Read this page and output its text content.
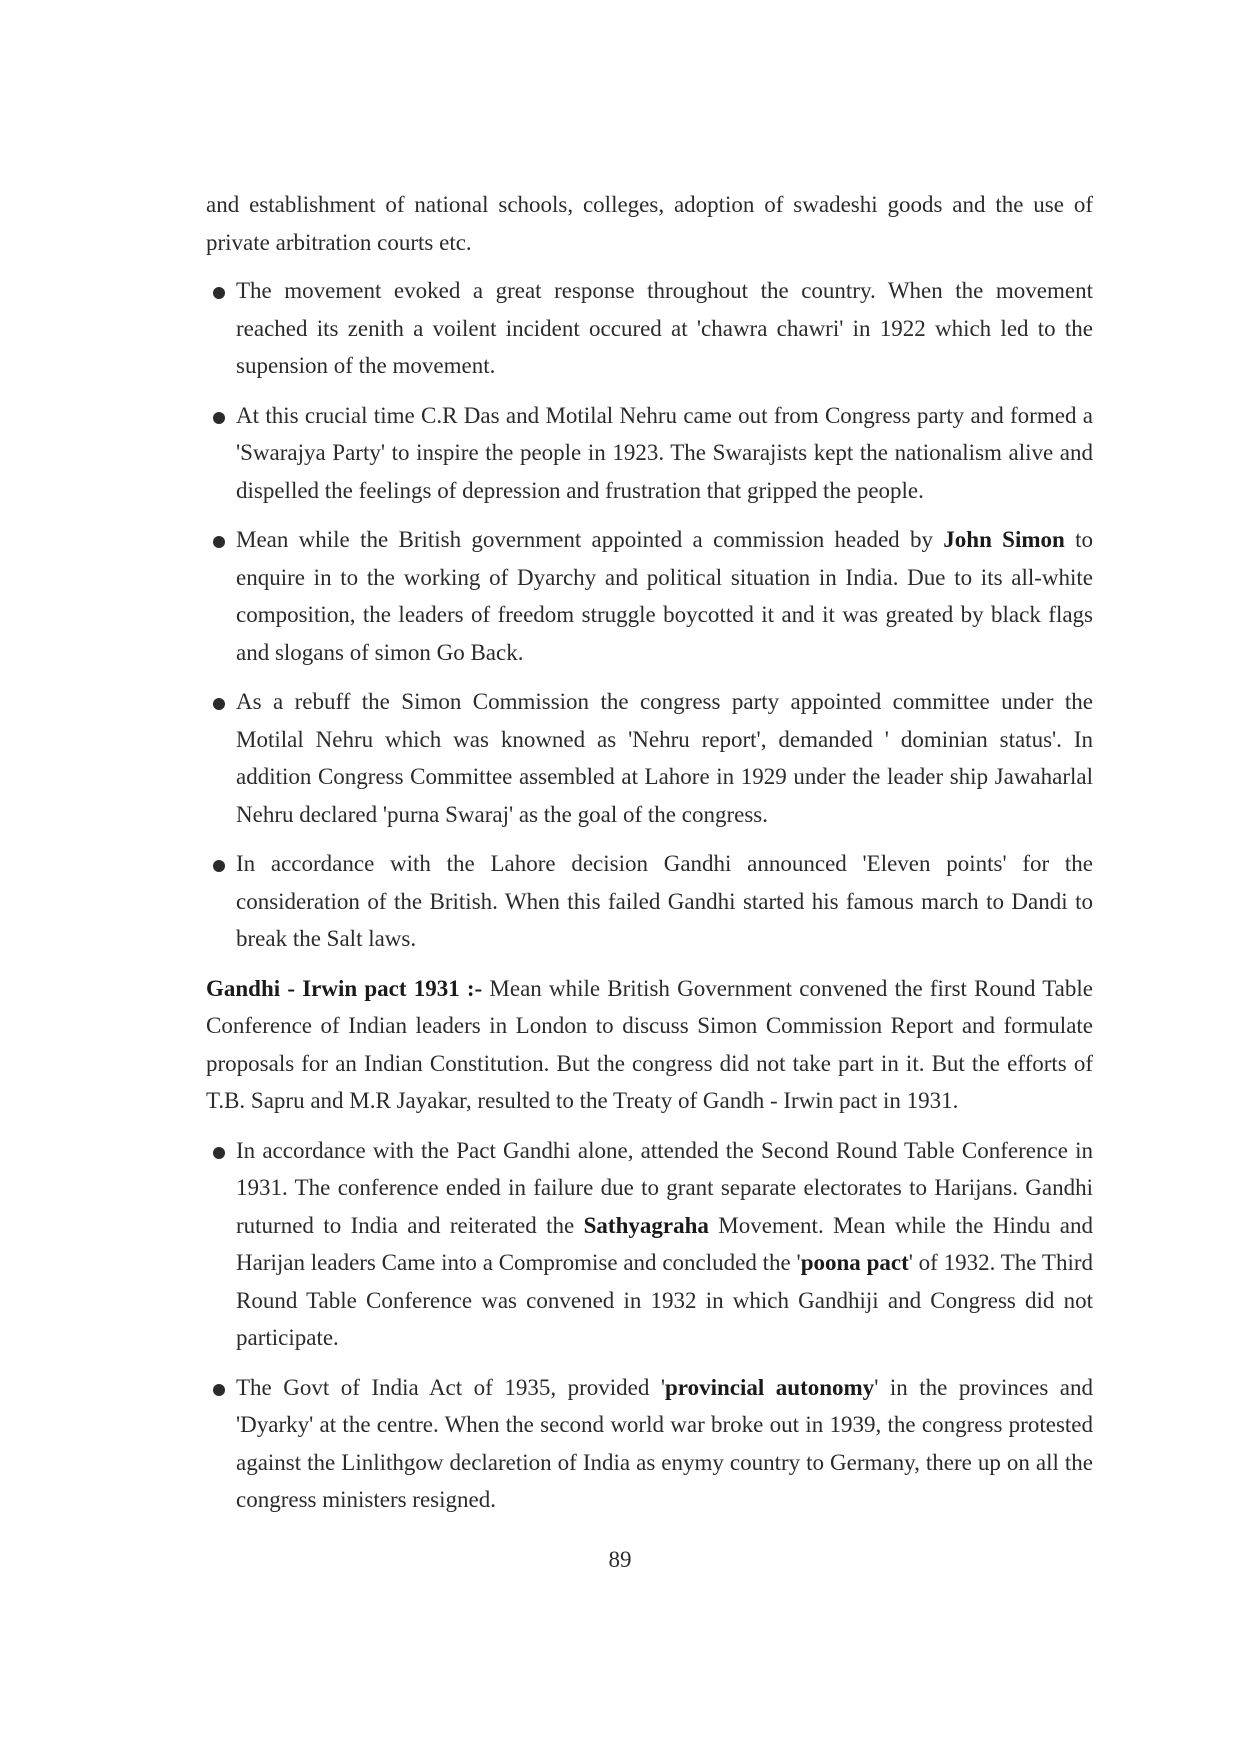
and establishment of national schools, colleges, adoption of swadeshi goods and the use of private arbitration courts etc.

The movement evoked a great response throughout the country. When the movement reached its zenith a voilent incident occured at 'chawra chawri' in 1922 which led to the supension of the movement.
At this crucial time C.R Das and Motilal Nehru came out from Congress party and formed a 'Swarajya Party' to inspire the people in 1923. The Swarajists kept the nationalism alive and dispelled the feelings of depression and frustration that gripped the people.
Mean while the British government appointed a commission headed by John Simon to enquire in to the working of Dyarchy and political situation in India. Due to its all-white composition, the leaders of freedom struggle boycotted it and it was greated by black flags and slogans of simon Go Back.
As a rebuff the Simon Commission the congress party appointed committee under the Motilal Nehru which was knowned as 'Nehru report', demanded ' dominian status'. In addition Congress Committee assembled at Lahore in 1929 under the leader ship Jawaharlal Nehru declared 'purna Swaraj' as the goal of the congress.
In accordance with the Lahore decision Gandhi announced 'Eleven points' for the consideration of the British. When this failed Gandhi started his famous march to Dandi to break the Salt laws.

Gandhi - Irwin pact 1931 :- Mean while British Government convened the first Round Table Conference of Indian leaders in London to discuss Simon Commission Report and formulate proposals for an Indian Constitution. But the congress did not take part in it. But the efforts of T.B. Sapru and M.R Jayakar, resulted to the Treaty of Gandh - Irwin pact in 1931.

In accordance with the Pact Gandhi alone, attended the Second Round Table Conference in 1931. The conference ended in failure due to grant separate electorates to Harijans. Gandhi ruturned to India and reiterated the Sathyagraha Movement. Mean while the Hindu and Harijan leaders Came into a Compromise and concluded the 'poona pact' of 1932. The Third Round Table Conference was convened in 1932 in which Gandhiji and Congress did not participate.
The Govt of India Act of 1935, provided 'provincial autonomy' in the provinces and 'Dyarky' at the centre. When the second world war broke out in 1939, the congress protested against the Linlithgow declaretion of India as enymy country to Germany, there up on all the congress ministers resigned.
89
